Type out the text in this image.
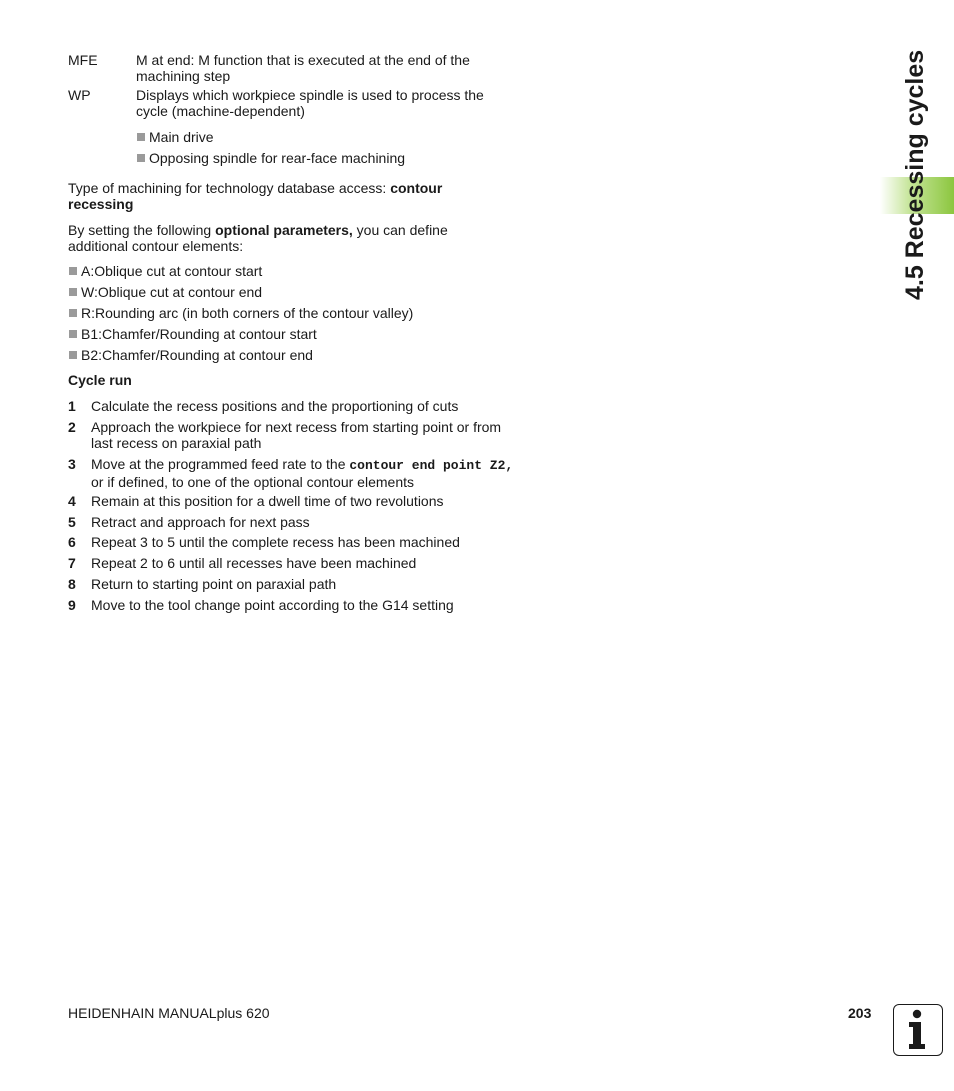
MFE	M at end: M function that is executed at the end of the machining step
WP	Displays which workpiece spindle is used to process the cycle (machine-dependent)
Main drive
Opposing spindle for rear-face machining
Type of machining for technology database access: contour recessing
By setting the following optional parameters, you can define additional contour elements:
A:Oblique cut at contour start
W:Oblique cut at contour end
R:Rounding arc (in both corners of the contour valley)
B1:Chamfer/Rounding at contour start
B2:Chamfer/Rounding at contour end
Cycle run
1 Calculate the recess positions and the proportioning of cuts
2 Approach the workpiece for next recess from starting point or from last recess on paraxial path
3 Move at the programmed feed rate to the contour end point Z2, or if defined, to one of the optional contour elements
4 Remain at this position for a dwell time of two revolutions
5 Retract and approach for next pass
6 Repeat 3 to 5 until the complete recess has been machined
7 Repeat 2 to 6 until all recesses have been machined
8 Return to starting point on paraxial path
9 Move to the tool change point according to the G14 setting
4.5 Recessing cycles
HEIDENHAIN MANUALplus 620	203
